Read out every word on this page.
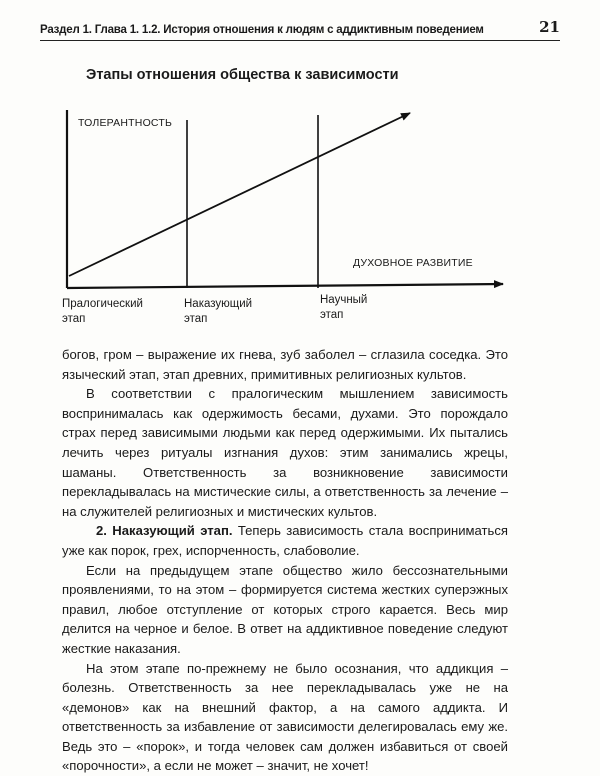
Раздел 1. Глава 1. 1.2. История отношения к людям с аддиктивным поведением	21
Этапы отношения общества к зависимости
ТОЛЕРАНТНОСТЬ
ДУХОВНОЕ РАЗВИТИЕ
Пралогический
этап
Наказующий
этап
Научный
этап

богов, гром – выражение их гнева, зуб заболел – сглазила соседка. Это языческий этап, этап древних, примитивных религиозных культов.

В соответствии с пралогическим мышлением зависимость воспринималась как одержимость бесами, духами. Это порождало страх перед зависимыми людьми как перед одержимыми. Их пытались лечить через ритуалы изгнания духов: этим занимались жрецы, шаманы. Ответственность за возникновение зависимости перекладывалась на мистические силы, а ответственность за лечение – на служителей религиозных и мистических культов.

2. Наказующий этап. Теперь зависимость стала восприниматься уже как порок, грех, испорченность, слабоволие.

Если на предыдущем этапе общество жило бессознательными проявлениями, то на этом – формируется система жестких суперэжных правил, любое отступление от которых строго карается. Весь мир делится на черное и белое. В ответ на аддиктивное поведение следуют жесткие наказания.

На этом этапе по-прежнему не было осознания, что аддикция – болезнь. Ответственность за нее перекладывалась уже не на «демонов» как на внешний фактор, а на самого аддикта. И ответственность за избавление от зависимости делегировалась ему же. Ведь это – «порок», и тогда человек сам должен избавиться от своей «порочности», а если не может – значит, не хочет!
